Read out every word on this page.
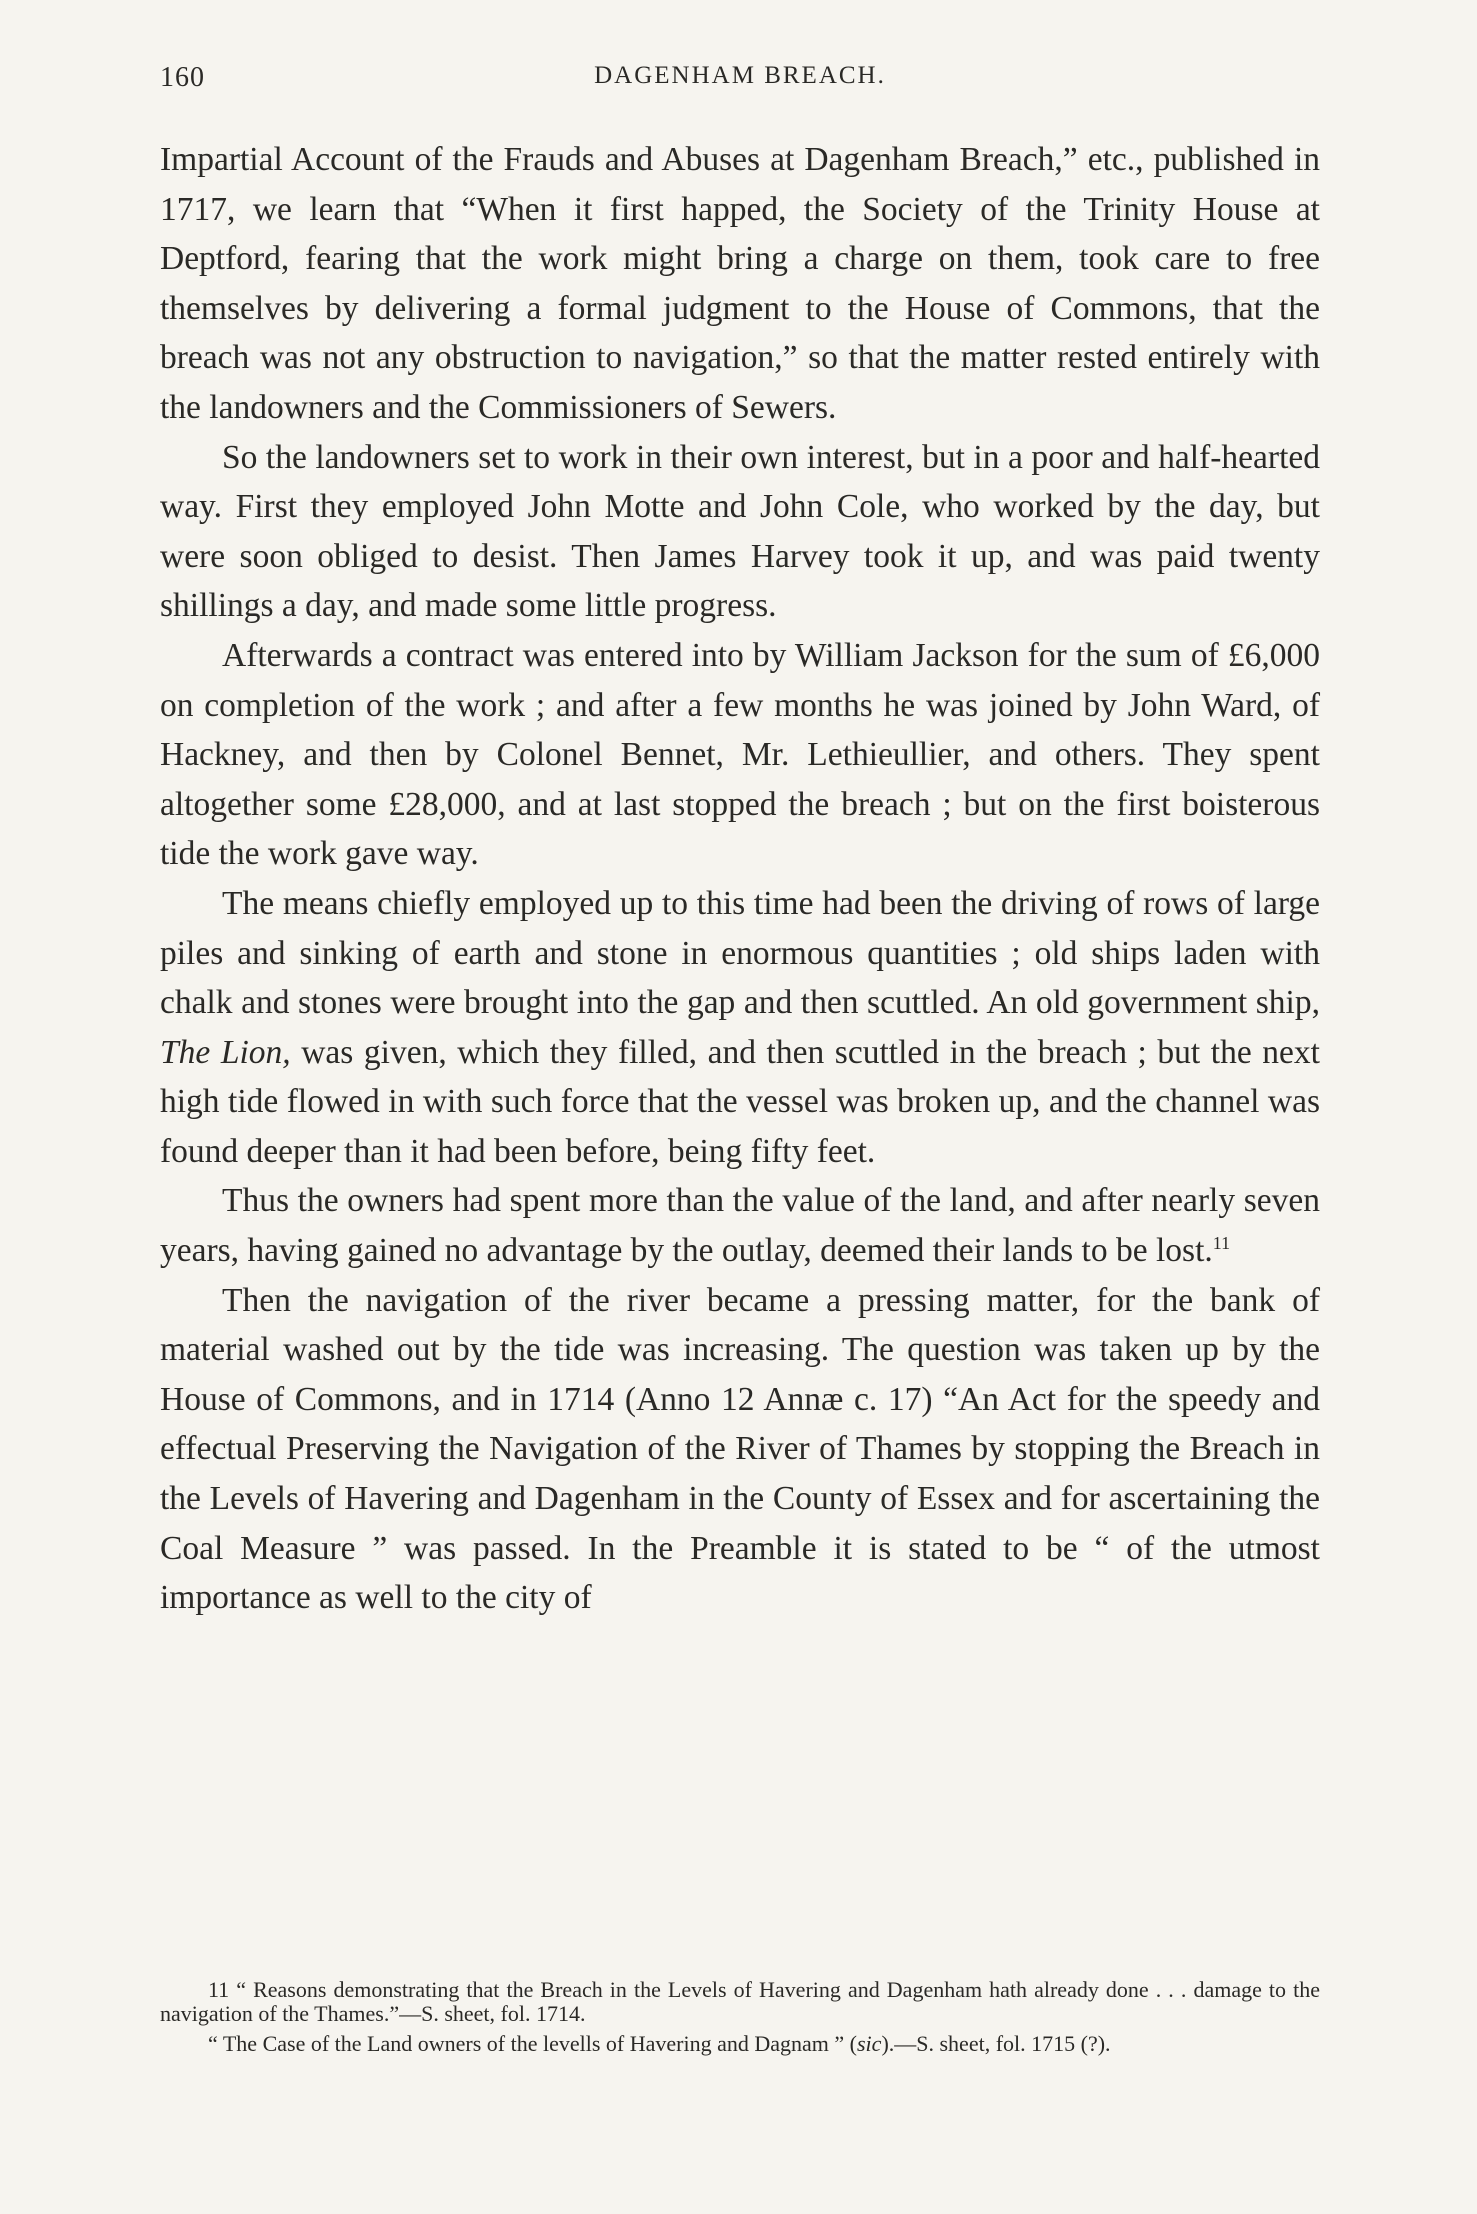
160	DAGENHAM BREACH.

Impartial Account of the Frauds and Abuses at Dagenham Breach,” etc., published in 1717, we learn that “When it first happed, the Society of the Trinity House at Deptford, fearing that the work might bring a charge on them, took care to free themselves by delivering a formal judgment to the House of Commons, that the breach was not any obstruction to navigation,” so that the matter rested entirely with the landowners and the Commissioners of Sewers.

So the landowners set to work in their own interest, but in a poor and half-hearted way. First they employed John Motte and John Cole, who worked by the day, but were soon obliged to desist. Then James Harvey took it up, and was paid twenty shillings a day, and made some little progress.

Afterwards a contract was entered into by William Jackson for the sum of £6,000 on completion of the work ; and after a few months he was joined by John Ward, of Hackney, and then by Colonel Bennet, Mr. Lethieullier, and others. They spent altogether some £28,000, and at last stopped the breach ; but on the first boisterous tide the work gave way.

The means chiefly employed up to this time had been the driving of rows of large piles and sinking of earth and stone in enormous quantities ; old ships laden with chalk and stones were brought into the gap and then scuttled. An old government ship, The Lion, was given, which they filled, and then scuttled in the breach ; but the next high tide flowed in with such force that the vessel was broken up, and the channel was found deeper than it had been before, being fifty feet.

Thus the owners had spent more than the value of the land, and after nearly seven years, having gained no advantage by the outlay, deemed their lands to be lost.$^{11}$

Then the navigation of the river became a pressing matter, for the bank of material washed out by the tide was increasing. The question was taken up by the House of Commons, and in 1714 (Anno 12 Annæ c. 17) “An Act for the speedy and effectual Preserving the Navigation of the River of Thames by stopping the Breach in the Levels of Havering and Dagenham in the County of Essex and for ascertaining the Coal Measure ” was passed. In the Preamble it is stated to be “ of the utmost importance as well to the city of

11 “ Reasons demonstrating that the Breach in the Levels of Havering and Dagenham hath already done . . . damage to the navigation of the Thames.”—S. sheet, fol. 1714.

“ The Case of the Land owners of the levells of Havering and Dagnam ” (sic).—S. sheet, fol. 1715 (?).
